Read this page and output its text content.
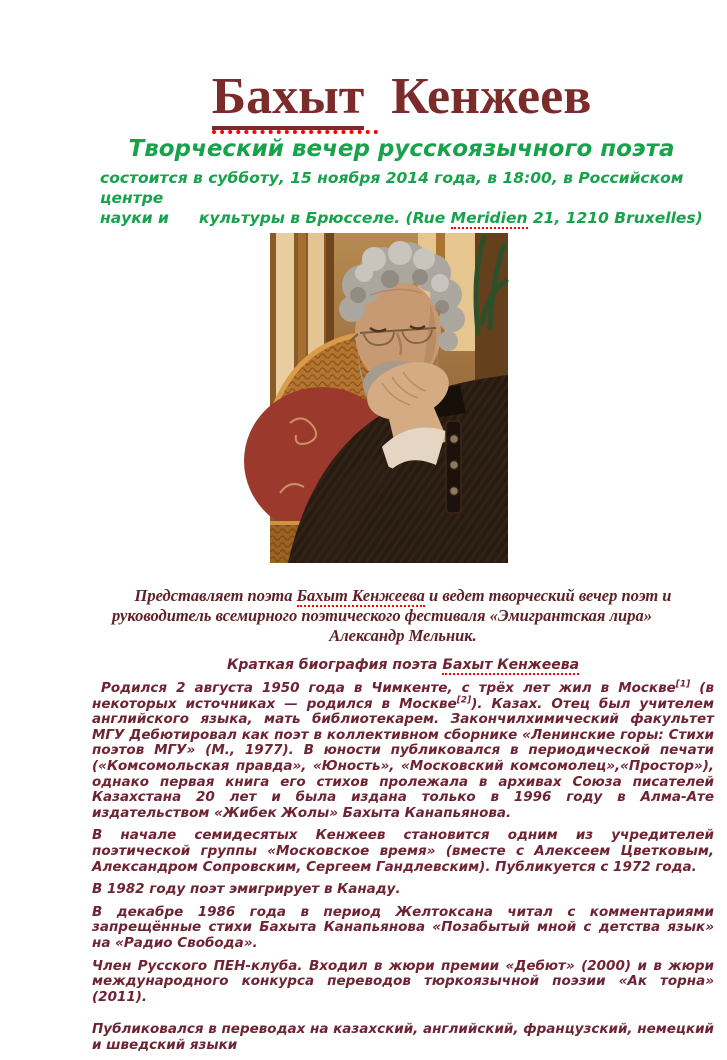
Бахыт Кенжеев
Творческий вечер русскоязычного поэта
состоится в субботу, 15 ноября 2014 года, в 18:00, в Российском центре
науки и культуры в Брюсселе. (Rue Meridien 21, 1210 Bruxelles)

Представляет поэта Бахыт Кенжеева и ведет творческий вечер поэт и руководитель всемирного поэтического фестиваля «Эмигрантская лира»Александр Мельник.

Краткая биография поэта Бахыт Кенжеева

Родился 2 августа 1950 года в Чимкенте, с трёх лет жил в Москве[1] (в некоторых источниках — родился в Москве[2]). Казах. Отец был учителем английского языка, мать библиотекарем. Закончилхимический факультет МГУ Дебютировал как поэт в коллективном сборнике «Ленинские горы: Стихи поэтов МГУ» (М., 1977). В юности публиковался в периодической печати («Комсомольская правда», «Юность», «Московский комсомолец»,«Простор»), однако первая книга его стихов пролежала в архивах Союза писателей Казахстана 20 лет и была издана только в 1996 году в Алма-Ате издательством «Жибек Жолы» Бахыта Канапьянова.

В начале семидесятых Кенжеев становится одним из учредителей поэтической группы «Московское время» (вместе с Алексеем Цветковым, Александром Сопровским, Сергеем Гандлевским). Публикуется с 1972 года.

В 1982 году поэт эмигрирует в Канаду.

В декабре 1986 года в период Желтоксана читал с комментариями запрещённые стихи Бахыта Канапьянова «Позабытый мной с детства язык» на «Радио Свобода».

Член Русского ПЕН-клуба. Входил в жюри премии «Дебют» (2000) и в жюри международного конкурса переводов тюркоязычной поэзии «Ак торна» (2011).

Публиковался в переводах на казахский, английский, французский, немецкий и шведский языки
